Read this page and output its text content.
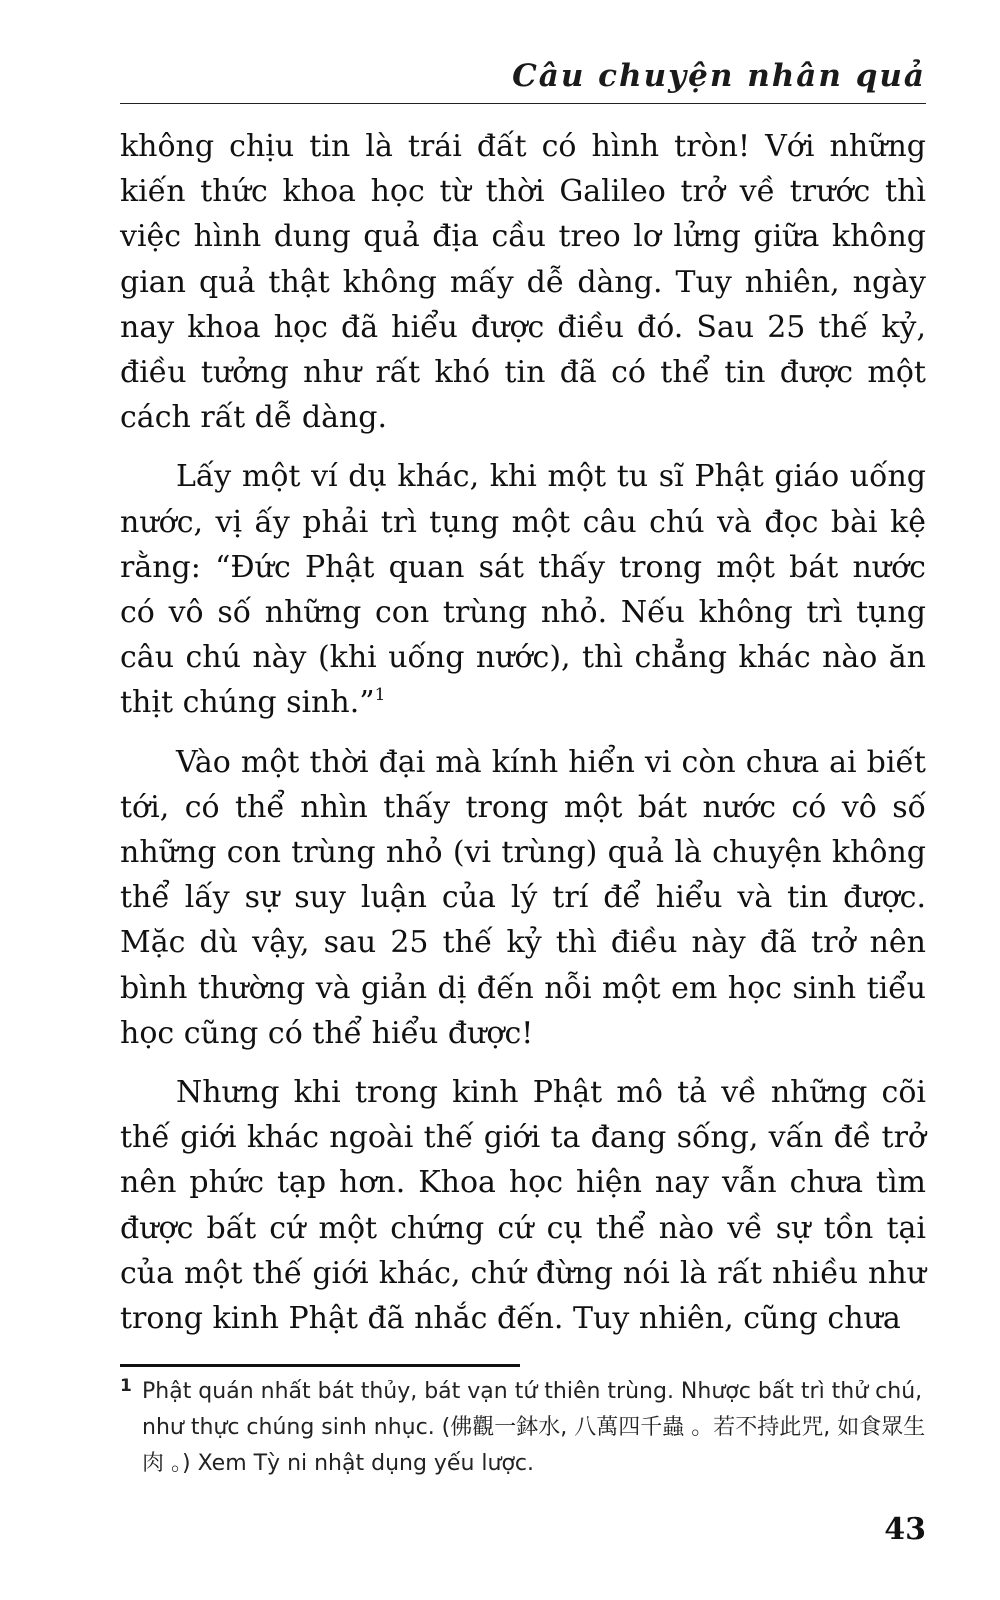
Câu chuyện nhân quả

không chịu tin là trái đất có hình tròn! Với những kiến thức khoa học từ thời Galileo trở về trước thì việc hình dung quả địa cầu treo lơ lửng giữa không gian quả thật không mấy dễ dàng. Tuy nhiên, ngày nay khoa học đã hiểu được điều đó. Sau 25 thế kỷ, điều tưởng như rất khó tin đã có thể tin được một cách rất dễ dàng.

Lấy một ví dụ khác, khi một tu sĩ Phật giáo uống nước, vị ấy phải trì tụng một câu chú và đọc bài kệ rằng: “Đức Phật quan sát thấy trong một bát nước có vô số những con trùng nhỏ. Nếu không trì tụng câu chú này (khi uống nước), thì chẳng khác nào ăn thịt chúng sinh.”$^1$

Vào một thời đại mà kính hiển vi còn chưa ai biết tới, có thể nhìn thấy trong một bát nước có vô số những con trùng nhỏ (vi trùng) quả là chuyện không thể lấy sự suy luận của lý trí để hiểu và tin được. Mặc dù vậy, sau 25 thế kỷ thì điều này đã trở nên bình thường và giản dị đến nỗi một em học sinh tiểu học cũng có thể hiểu được!

Nhưng khi trong kinh Phật mô tả về những cõi thế giới khác ngoài thế giới ta đang sống, vấn đề trở nên phức tạp hơn. Khoa học hiện nay vẫn chưa tìm được bất cứ một chứng cứ cụ thể nào về sự tồn tại của một thế giới khác, chứ đừng nói là rất nhiều như trong kinh Phật đã nhắc đến. Tuy nhiên, cũng chưa

1 Phật quán nhất bát thủy, bát vạn tứ thiên trùng. Nhược bất trì thử chú, như thực chúng sinh nhục. (佛觀一鉢水, 八萬四千蟲 。若不持此咒, 如食眾生肉 。) Xem Tỳ ni nhật dụng yếu lược.

43
